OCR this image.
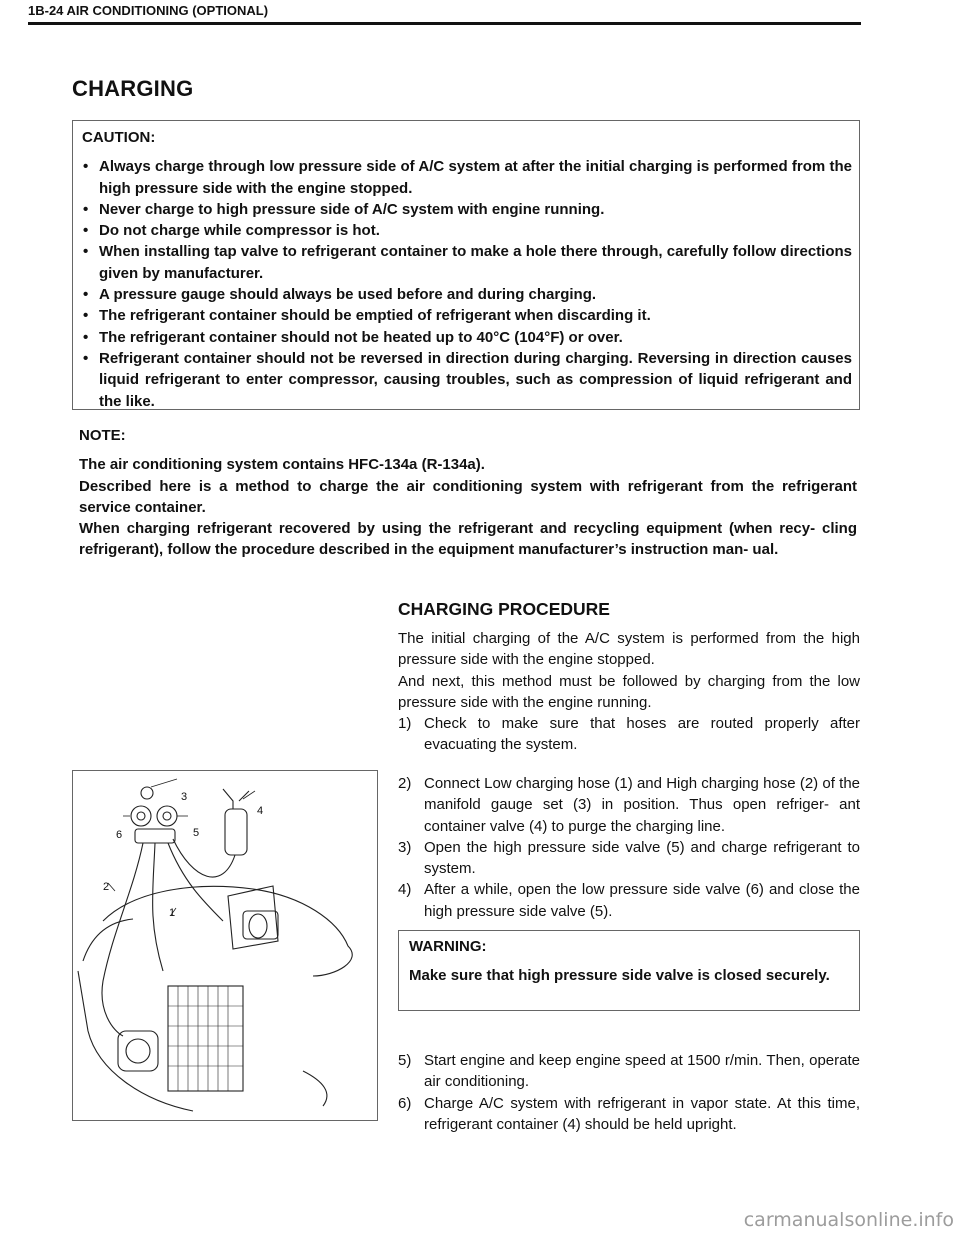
1B-24 AIR CONDITIONING (OPTIONAL)
CHARGING
CAUTION:
• Always charge through low pressure side of A/C system at after the initial charging is performed from the high pressure side with the engine stopped.
• Never charge to high pressure side of A/C system with engine running.
• Do not charge while compressor is hot.
• When installing tap valve to refrigerant container to make a hole there through, carefully follow directions given by manufacturer.
• A pressure gauge should always be used before and during charging.
• The refrigerant container should be emptied of refrigerant when discarding it.
• The refrigerant container should not be heated up to 40°C (104°F) or over.
• Refrigerant container should not be reversed in direction during charging. Reversing in direction causes liquid refrigerant to enter compressor, causing troubles, such as compression of liquid refrigerant and the like.
NOTE:

The air conditioning system contains HFC-134a (R-134a).

Described here is a method to charge the air conditioning system with refrigerant from the refrigerant service container.

When charging refrigerant recovered by using the refrigerant and recycling equipment (when recy- cling refrigerant), follow the procedure described in the equipment manufacturer’s instruction man- ual.

CHARGING PROCEDURE

The initial charging of the A/C system is performed from the high pressure side with the engine stopped.

And next, this method must be followed by charging from the low pressure side with the engine running.

1) Check to make sure that hoses are routed properly after evacuating the system.

2) Connect Low charging hose (1) and High charging hose (2) of the manifold gauge set (3) in position. Thus open refriger- ant container valve (4) to purge the charging line.

3) Open the high pressure side valve (5) and charge refrigerant to system.

4) After a while, open the low pressure side valve (6) and close the high pressure side valve (5).

WARNING:

Make sure that high pressure side valve is closed securely.

5) Start engine and keep engine speed at 1500 r/min. Then, operate air conditioning.

6) Charge A/C system with refrigerant in vapor state. At this time, refrigerant container (4) should be held upright.

3
4
6	5
2
1
carmanualsonline.info
